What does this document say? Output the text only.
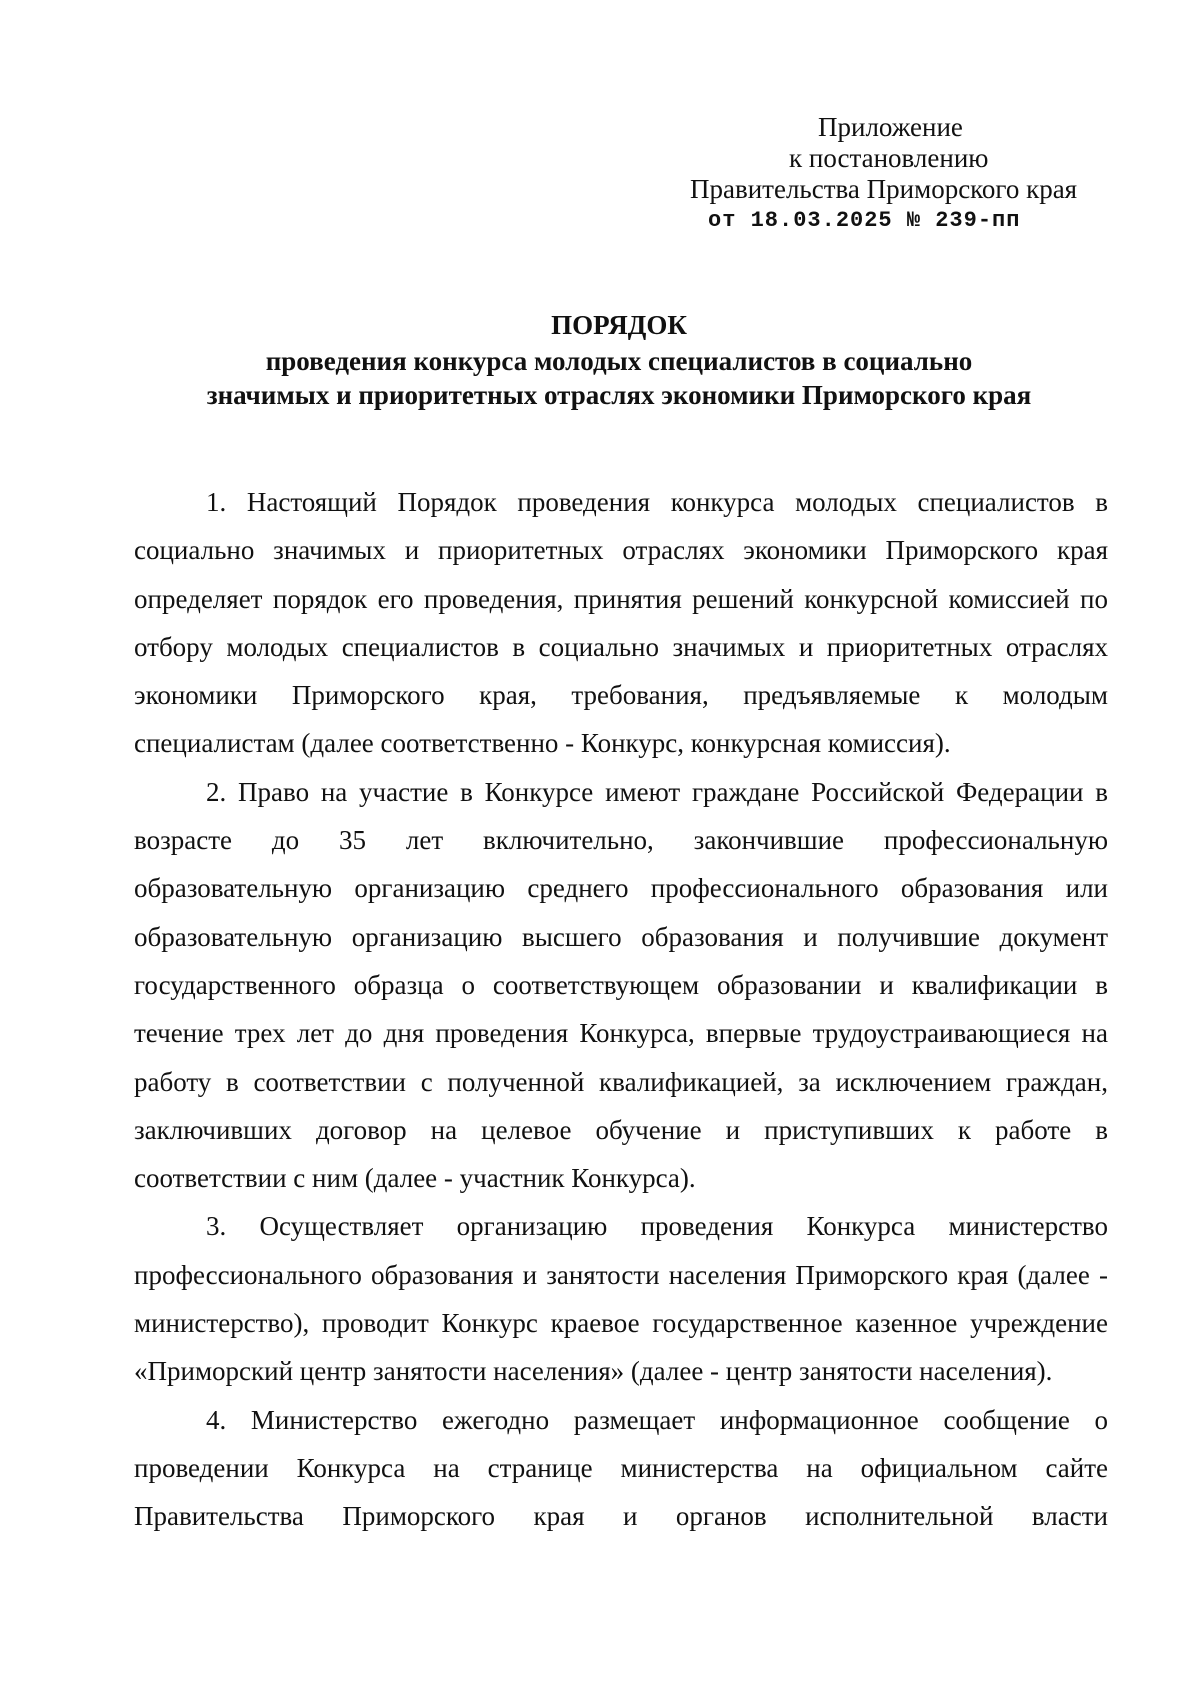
Приложение
к постановлению
Правительства Приморского края
от 18.03.2025 № 239-пп
ПОРЯДОК
проведения конкурса молодых специалистов в социально
значимых и приоритетных отраслях экономики Приморского края

1. Настоящий Порядок проведения конкурса молодых специалистов в социально значимых и приоритетных отраслях экономики Приморского края определяет порядок его проведения, принятия решений конкурсной комиссией по отбору молодых специалистов в социально значимых и приоритетных отраслях экономики Приморского края, требования, предъявляемые к молодым специалистам (далее соответственно - Конкурс, конкурсная комиссия).

2. Право на участие в Конкурсе имеют граждане Российской Федерации в возрасте до 35 лет включительно, закончившие профессиональную образовательную организацию среднего профессионального образования или образовательную организацию высшего образования и получившие документ государственного образца о соответствующем образовании и квалификации в течение трех лет до дня проведения Конкурса, впервые трудоустраивающиеся на работу в соответствии с полученной квалификацией, за исключением граждан, заключивших договор на целевое обучение и приступивших к работе в соответствии с ним (далее - участник Конкурса).

3. Осуществляет организацию проведения Конкурса министерство профессионального образования и занятости населения Приморского края (далее - министерство), проводит Конкурс краевое государственное казенное учреждение «Приморский центр занятости населения» (далее - центр занятости населения).

4. Министерство ежегодно размещает информационное сообщение о проведении Конкурса на странице министерства на официальном сайте Правительства Приморского края и органов исполнительной власти
